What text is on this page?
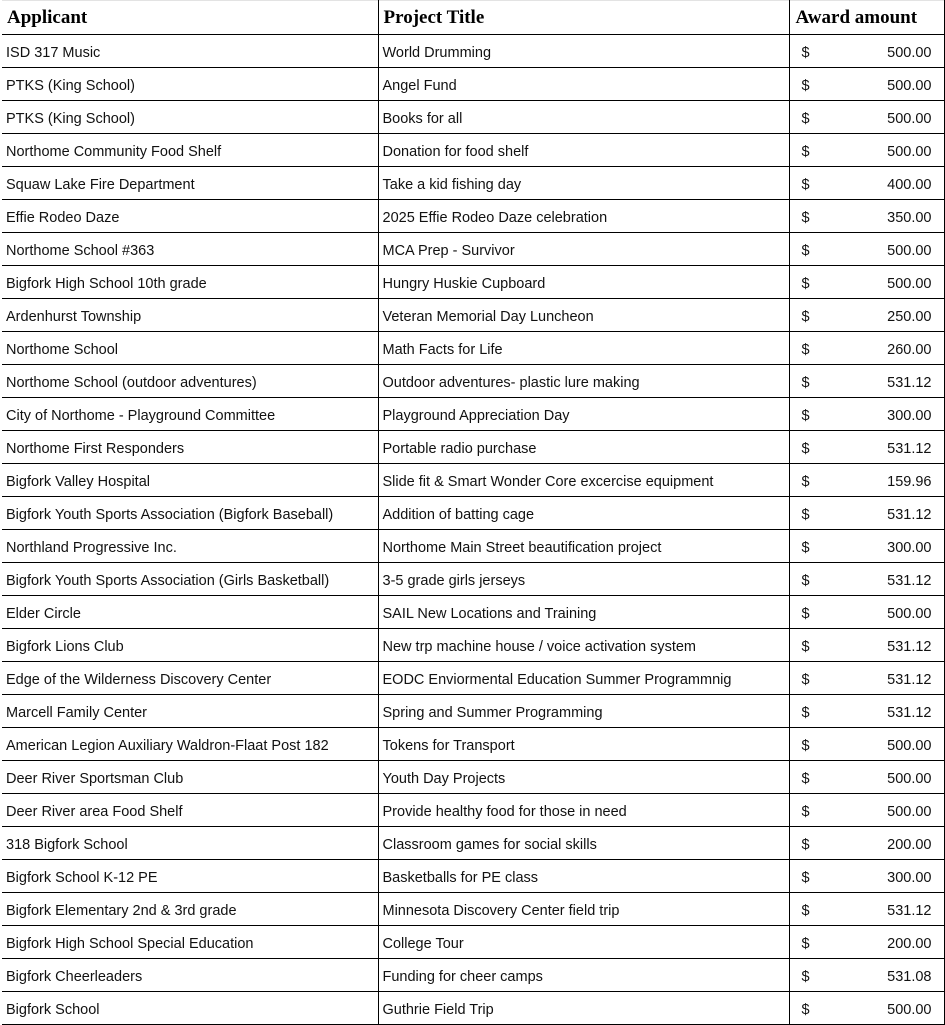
Applicant	Project Title	Award amount
ISD 317 Music	World Drumming	$ 500.00

PTKS (King School)	Angel Fund	$ 500.00

PTKS (King School)	Books for all	$ 500.00

Northome Community Food Shelf	Donation for food shelf	$ 500.00

Squaw Lake Fire Department	Take a kid fishing day	$ 400.00

Effie Rodeo Daze	2025 Effie Rodeo Daze celebration	$ 350.00

Northome School #363	MCA Prep - Survivor	$ 500.00

Bigfork High School 10th grade	Hungry Huskie Cupboard	$ 500.00

Ardenhurst Township	Veteran Memorial Day Luncheon	$ 250.00

Northome School	Math Facts for Life	$ 260.00

Northome School (outdoor adventures)	Outdoor adventures- plastic lure making	$ 531.12

City of Northome - Playground Committee	Playground Appreciation Day	$ 300.00

Northome First Responders	Portable radio purchase	$ 531.12

Bigfork Valley Hospital	Slide fit & Smart Wonder Core excercise equipment	$ 159.96

Bigfork Youth Sports Association (Bigfork Baseball)	Addition of batting cage	$ 531.12

Northland Progressive Inc.	Northome Main Street beautification project	$ 300.00

Bigfork Youth Sports Association (Girls Basketball)	3-5 grade girls jerseys	$ 531.12

Elder Circle	SAIL New Locations and Training	$ 500.00

Bigfork Lions Club	New trp machine house / voice activation system	$ 531.12

Edge of the Wilderness Discovery Center	EODC Enviormental Education Summer Programmnig	$ 531.12

Marcell Family Center	Spring and Summer Programming	$ 531.12

American Legion Auxiliary Waldron-Flaat Post 182	Tokens for Transport	$ 500.00

Deer River Sportsman Club	Youth Day Projects	$ 500.00

Deer River area Food Shelf	Provide healthy food for those in need	$ 500.00

318 Bigfork School	Classroom games for social skills	$ 200.00

Bigfork School K-12 PE	Basketballs for PE class	$ 300.00

Bigfork Elementary 2nd & 3rd grade	Minnesota Discovery Center field trip	$ 531.12

Bigfork High School Special Education	College Tour	$ 200.00

Bigfork Cheerleaders	Funding for cheer camps	$ 531.08

Bigfork School	Guthrie Field Trip	$ 500.00
